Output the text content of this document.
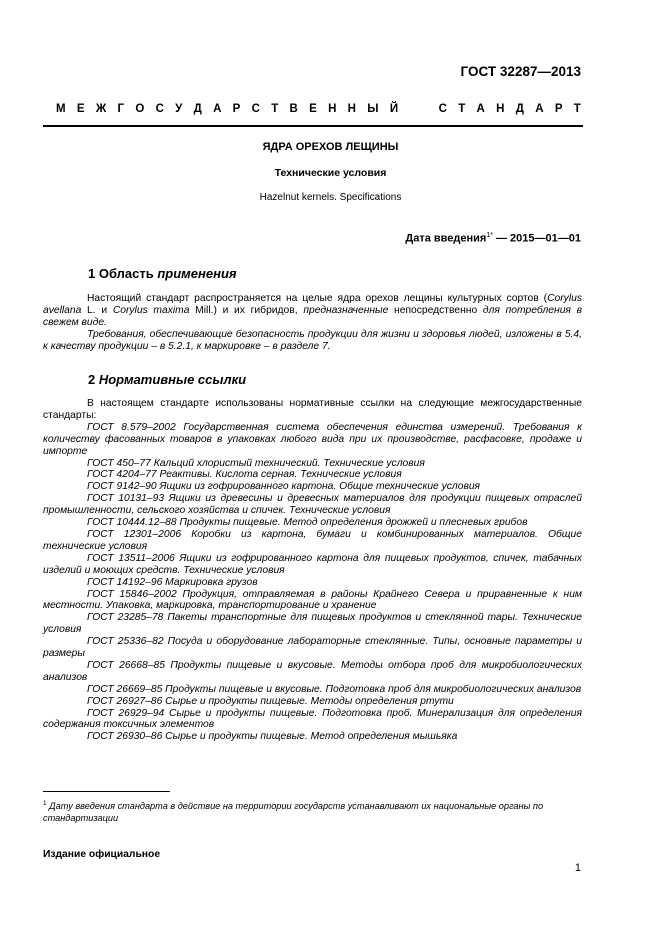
ГОСТ 32287—2013
М Е Ж Г О С У Д А Р С Т В Е Н Н Ы Й	С Т А Н Д А Р Т
ЯДРА ОРЕХОВ ЛЕЩИНЫ
Технические условия
Hazelnut kernels. Specifications
Дата введения$^{1*}$ — 2015—01—01
1 Область применения

Настоящий стандарт распространяется на целые ядра орехов лещины культурных сортов (Corylus avellana L. и Corylus maxima Mill.) и их гибридов, предназначенные непосредственно для потребления в свежем виде.

Требования, обеспечивающие безопасность продукции для жизни и здоровья людей, изложены в 5.4, к качеству продукции – в 5.2.1, к маркировке – в разделе 7.

2 Нормативные ссылки

В настоящем стандарте использованы нормативные ссылки на следующие межгосударственные стандарты:

ГОСТ 8.579–2002 Государственная система обеспечения единства измерений. Требования к количеству фасованных товаров в упаковках любого вида при их производстве, расфасовке, продаже и импорте

ГОСТ 450–77 Кальций хлористый технический. Технические условия

ГОСТ 4204–77 Реактивы. Кислота серная. Технические условия

ГОСТ 9142–90 Ящики из гофрированного картона. Общие технические условия

ГОСТ 10131–93 Ящики из древесины и древесных материалов для продукции пищевых отраслей промышленности, сельского хозяйства и спичек. Технические условия

ГОСТ 10444.12–88 Продукты пищевые. Метод определения дрожжей и плесневых грибов

ГОСТ 12301–2006 Коробки из картона, бумаги и комбинированных материалов. Общие технические условия

ГОСТ 13511–2006 Ящики из гофрированного картона для пищевых продуктов, спичек, табачных изделий и моющих средств. Технические условия

ГОСТ 14192–96 Маркировка грузов

ГОСТ 15846–2002 Продукция, отправляемая в районы Крайнего Севера и приравненные к ним местности. Упаковка, маркировка, транспортирование и хранение

ГОСТ 23285–78 Пакеты транспортные для пищевых продуктов и стеклянной тары. Технические условия

ГОСТ 25336–82 Посуда и оборудование лабораторные стеклянные. Типы, основные параметры и размеры

ГОСТ 26668–85 Продукты пищевые и вкусовые. Методы отбора проб для микробиологических анализов

ГОСТ 26669–85 Продукты пищевые и вкусовые. Подготовка проб для микробиологических анализов

ГОСТ 26927–86 Сырье и продукты пищевые. Методы определения ртути

ГОСТ 26929–94 Сырье и продукты пищевые. Подготовка проб. Минерализация для определения содержания токсичных элементов

ГОСТ 26930–86 Сырье и продукты пищевые. Метод определения мышьяка

$^1$ Дату введения стандарта в действие на территории государств устанавливают их национальные органы по стандартизации
Издание официальное
1
